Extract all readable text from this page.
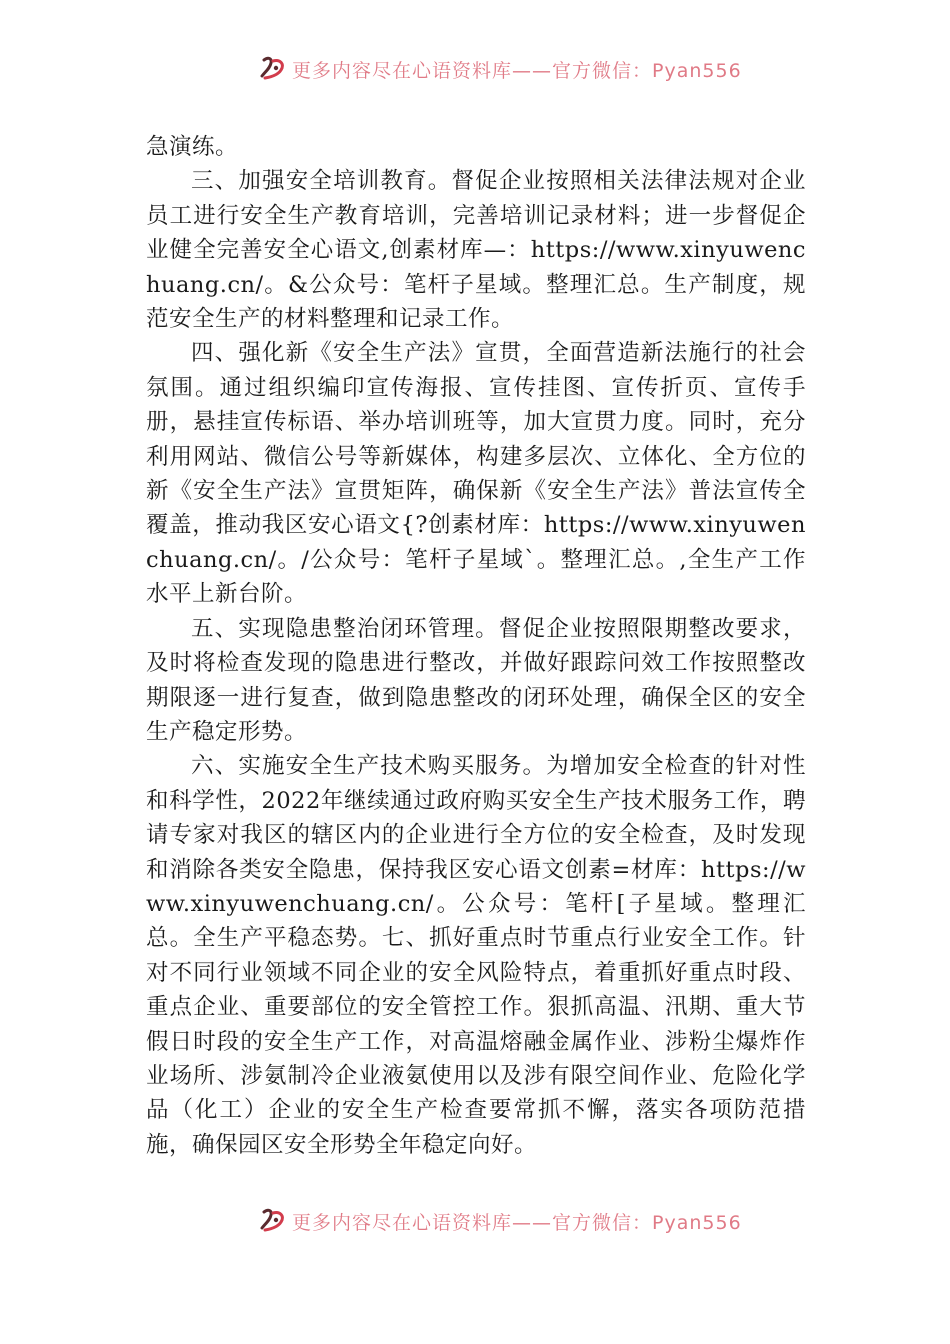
更多内容尽在心语资料库——官方微信：Pyan556

急演练。

三、加强安全培训教育。督促企业按照相关法律法规对企业员工进行安全生产教育培训，完善培训记录材料；进一步督促企业健全完善安全心语文,创素材库—：https://www.xinyuwenchuang.cn/。&公众号：笔杆子星域。整理汇总。生产制度，规范安全生产的材料整理和记录工作。

四、强化新《安全生产法》宣贯，全面营造新法施行的社会氛围。通过组织编印宣传海报、宣传挂图、宣传折页、宣传手册，悬挂宣传标语、举办培训班等，加大宣贯力度。同时，充分利用网站、微信公号等新媒体，构建多层次、立体化、全方位的新《安全生产法》宣贯矩阵，确保新《安全生产法》普法宣传全覆盖，推动我区安心语文{?创素材库：https://www.xinyuwenchuang.cn/。/公众号：笔杆子星域`。整理汇总。,全生产工作水平上新台阶。

五、实现隐患整治闭环管理。督促企业按照限期整改要求，及时将检查发现的隐患进行整改，并做好跟踪问效工作按照整改期限逐一进行复查，做到隐患整改的闭环处理，确保全区的安全生产稳定形势。

六、实施安全生产技术购买服务。为增加安全检查的针对性和科学性，2022年继续通过政府购买安全生产技术服务工作，聘请专家对我区的辖区内的企业进行全方位的安全检查，及时发现和消除各类安全隐患，保持我区安心语文创素=材库：https://www.xinyuwenchuang.cn/。公众号：笔杆[子星域。整理汇总。全生产平稳态势。七、抓好重点时节重点行业安全工作。针对不同行业领域不同企业的安全风险特点，着重抓好重点时段、重点企业、重要部位的安全管控工作。狠抓高温、汛期、重大节假日时段的安全生产工作，对高温熔融金属作业、涉粉尘爆炸作业场所、涉氨制冷企业液氨使用以及涉有限空间作业、危险化学品（化工）企业的安全生产检查要常抓不懈，落实各项防范措施，确保园区安全形势全年稳定向好。

更多内容尽在心语资料库——官方微信：Pyan556
